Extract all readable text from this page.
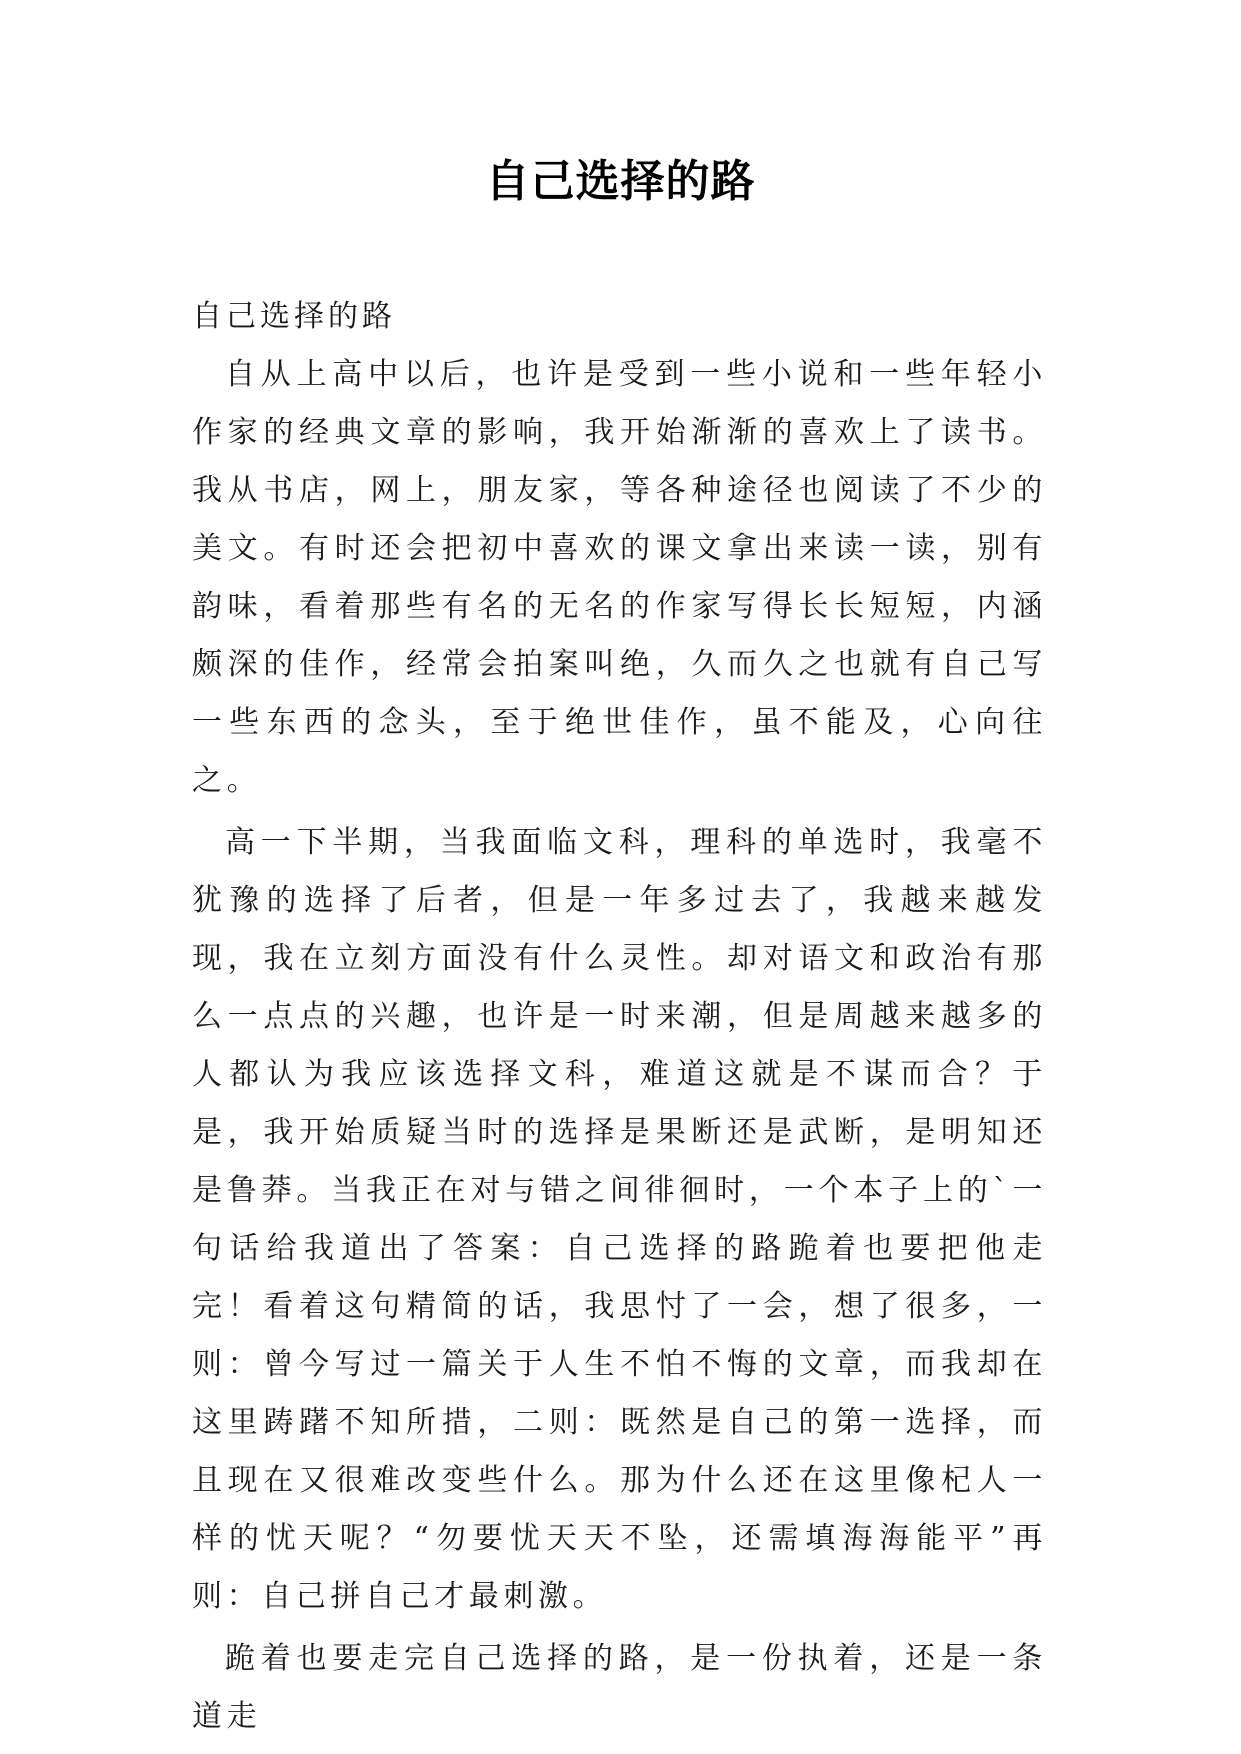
自己选择的路

自己选择的路

自从上高中以后，也许是受到一些小说和一些年轻小作家的经典文章的影响，我开始渐渐的喜欢上了读书。我从书店，网上，朋友家，等各种途径也阅读了不少的美文。有时还会把初中喜欢的课文拿出来读一读，别有韵味，看着那些有名的无名的作家写得长长短短，内涵颇深的佳作，经常会拍案叫绝，久而久之也就有自己写一些东西的念头，至于绝世佳作，虽不能及，心向往之。

高一下半期，当我面临文科，理科的单选时，我毫不犹豫的选择了后者，但是一年多过去了，我越来越发现，我在立刻方面没有什么灵性。却对语文和政治有那么一点点的兴趣，也许是一时来潮，但是周越来越多的人都认为我应该选择文科，难道这就是不谋而合？于是，我开始质疑当时的选择是果断还是武断，是明知还是鲁莽。当我正在对与错之间徘徊时，一个本子上的`一句话给我道出了答案：自己选择的路跪着也要把他走完！看着这句精简的话，我思忖了一会，想了很多，一则：曾今写过一篇关于人生不怕不悔的文章，而我却在这里踌躇不知所措，二则：既然是自己的第一选择，而且现在又很难改变些什么。那为什么还在这里像杞人一样的忧天呢？“勿要忧天天不坠，还需填海海能平”再则：自己拼自己才最刺激。

跪着也要走完自己选择的路，是一份执着，还是一条道走
